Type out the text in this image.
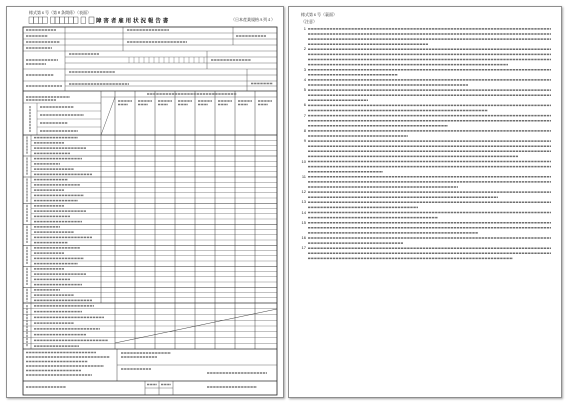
様式第６号（第８条関係）（表面）
障 害 者 雇 用 状 況 報 告 書	（日本産業規格Ａ列４）
様式第６号（裏面）
（注意）
1
2
3
4
5
6
7
8
9
10
11
12
13
14
15
16
17
